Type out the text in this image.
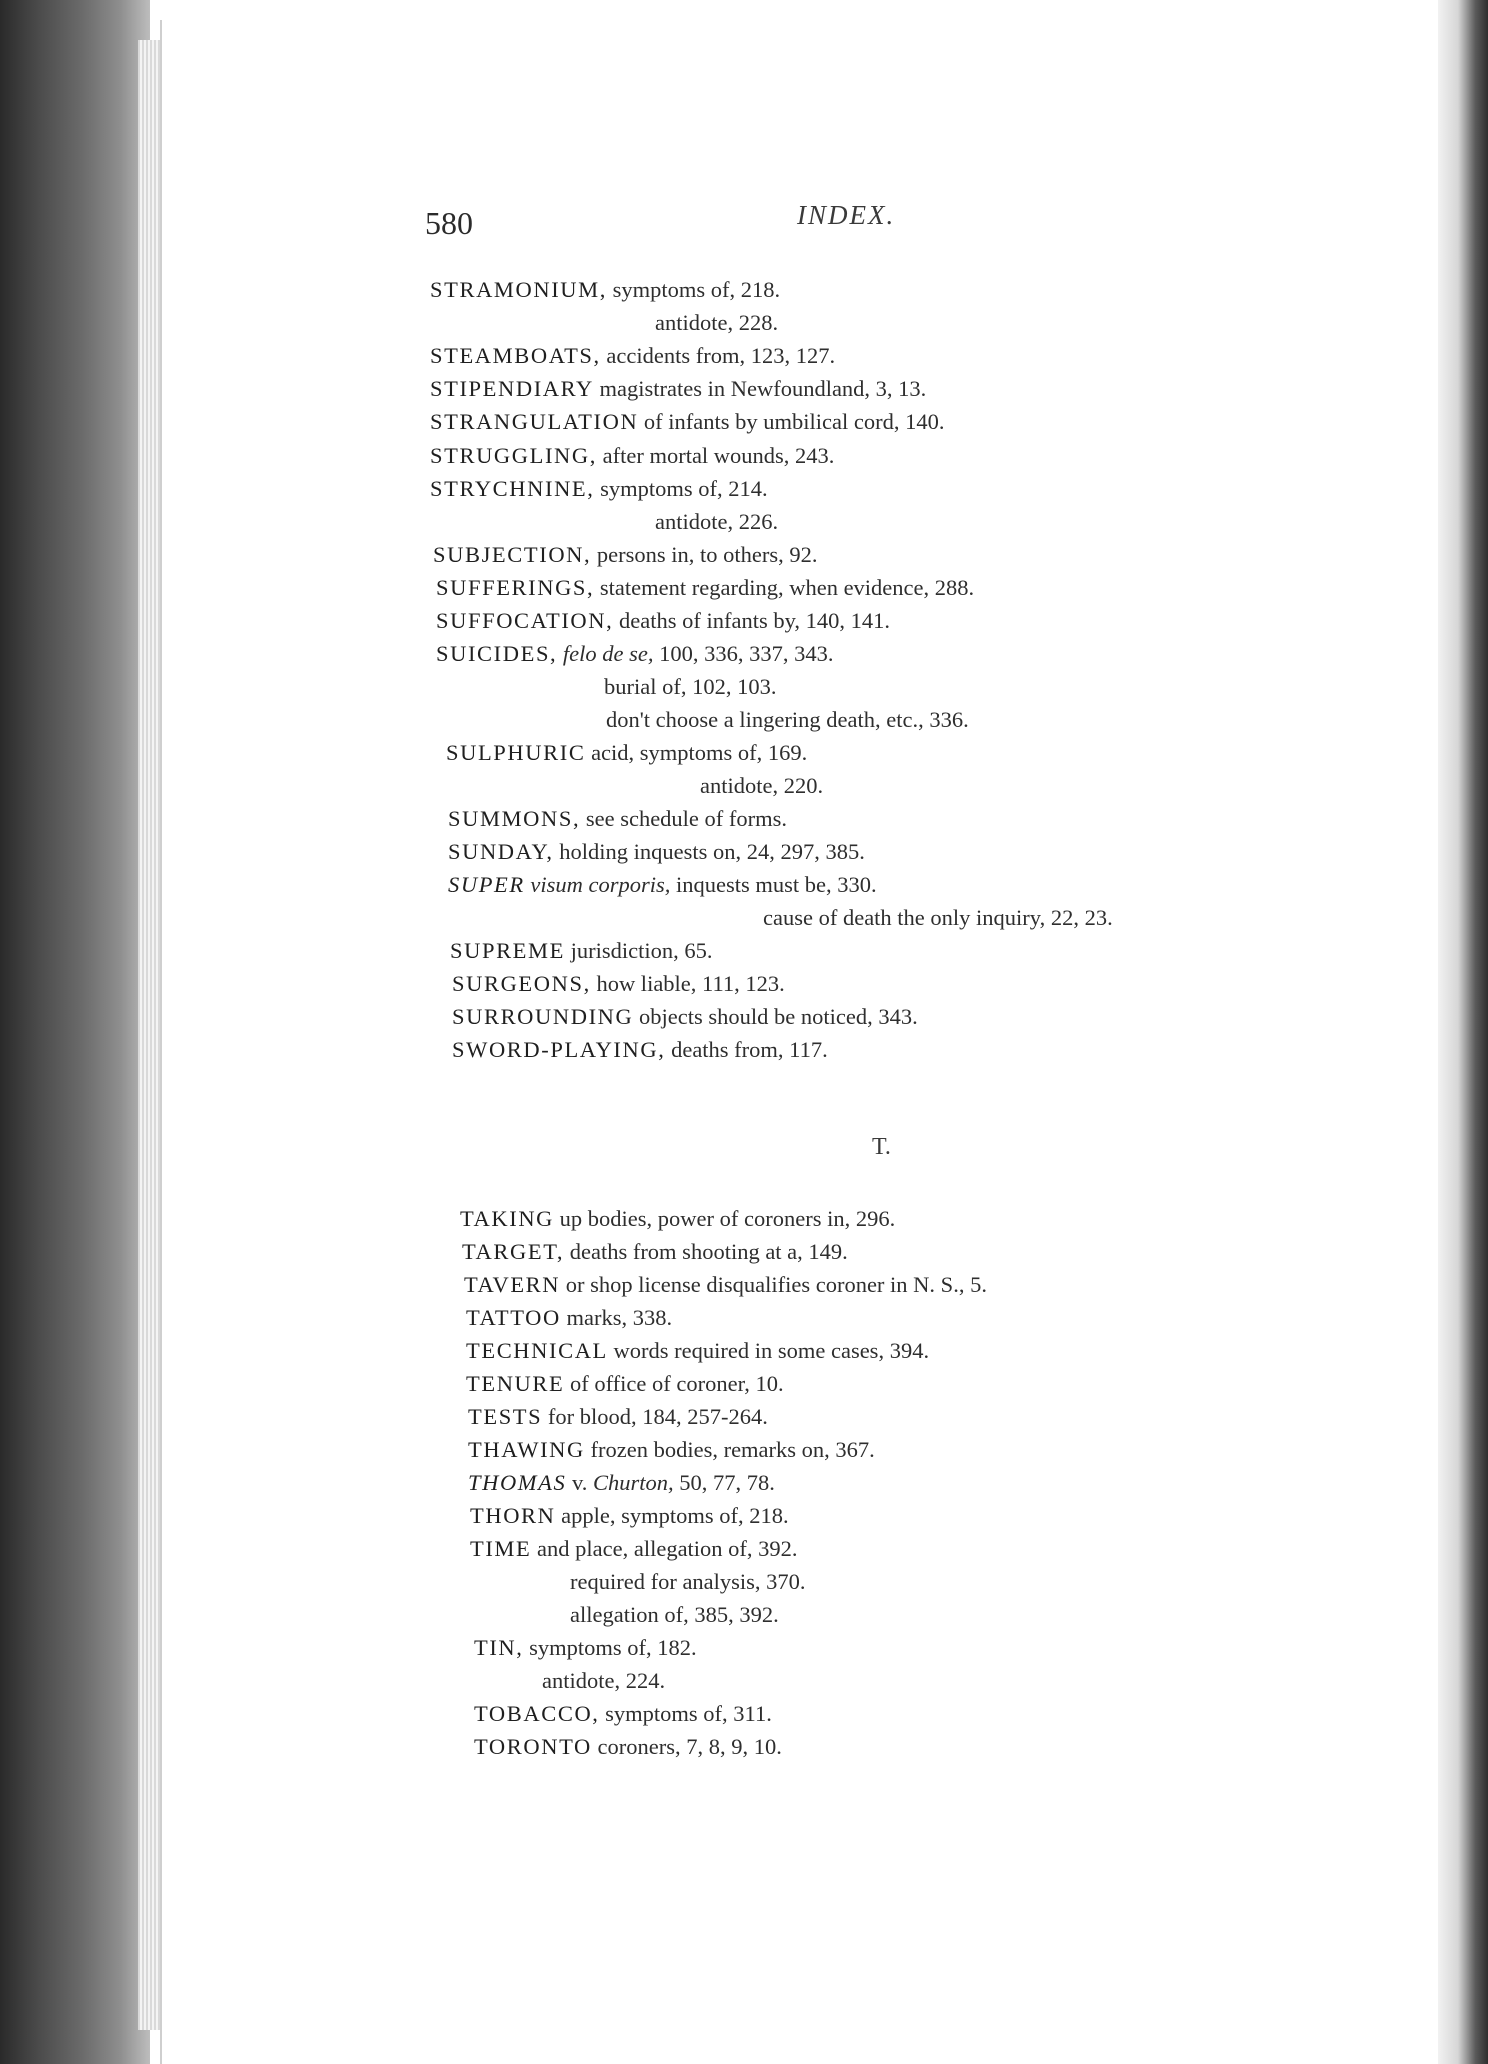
580	INDEX.
T.
STRAMONIUM, symptoms of, 218.
antidote, 228.
STEAMBOATS, accidents from, 123, 127.
STIPENDIARY magistrates in Newfoundland, 3, 13.
STRANGULATION of infants by umbilical cord, 140.
STRUGGLING, after mortal wounds, 243.
STRYCHNINE, symptoms of, 214.
antidote, 226.
SUBJECTION, persons in, to others, 92.
SUFFERINGS, statement regarding, when evidence, 288.
SUFFOCATION, deaths of infants by, 140, 141.
SUICIDES, felo de se, 100, 336, 337, 343.
burial of, 102, 103.
don't choose a lingering death, etc., 336.
SULPHURIC acid, symptoms of, 169.
antidote, 220.
SUMMONS, see schedule of forms.
SUNDAY, holding inquests on, 24, 297, 385.
SUPER visum corporis, inquests must be, 330.
cause of death the only inquiry, 22, 23.
SUPREME jurisdiction, 65.
SURGEONS, how liable, 111, 123.
SURROUNDING objects should be noticed, 343.
SWORD-PLAYING, deaths from, 117.
TAKING up bodies, power of coroners in, 296.
TARGET, deaths from shooting at a, 149.
TAVERN or shop license disqualifies coroner in N. S., 5.
TATTOO marks, 338.
TECHNICAL words required in some cases, 394.
TENURE of office of coroner, 10.
TESTS for blood, 184, 257-264.
THAWING frozen bodies, remarks on, 367.
THOMAS v. Churton, 50, 77, 78.
THORN apple, symptoms of, 218.
TIME and place, allegation of, 392.
required for analysis, 370.
allegation of, 385, 392.
TIN, symptoms of, 182.
antidote, 224.
TOBACCO, symptoms of, 311.
TORONTO coroners, 7, 8, 9, 10.
